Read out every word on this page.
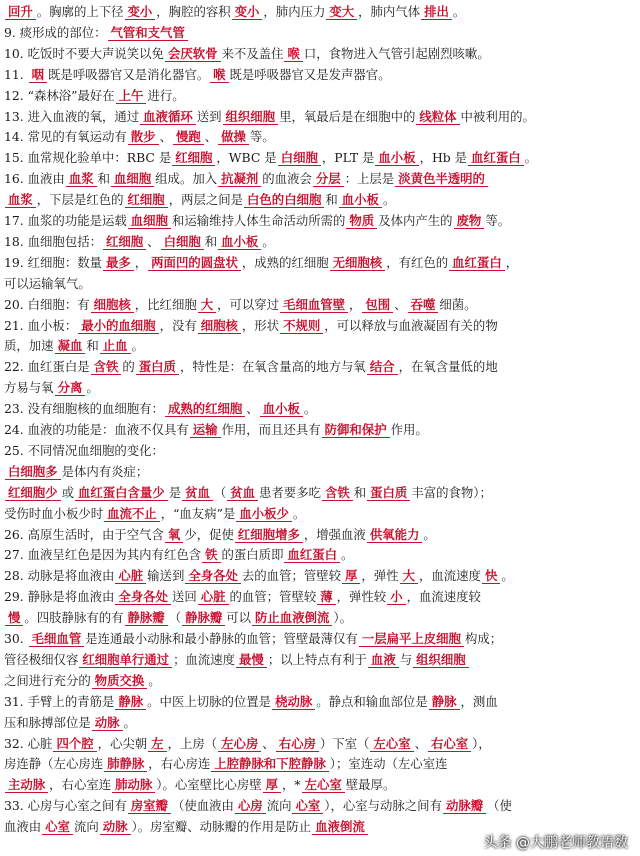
回升 。胸廓的上下径 变小 ，胸腔的容积 变小 ，肺内压力 变大 ，肺内气体 排出 。
9. 痰形成的部位： 气管和支气管
10. 吃饭时不要大声说笑以免 会厌软骨 来不及盖住 喉 口，食物进入气管引起剧烈咳嗽。
11. 咽 既是呼吸器官又是消化器官。 喉 既是呼吸器官又是发声器官。
12. “森林浴”最好在 上午 进行。
13. 进入血液的氧，通过 血液循环 送到 组织细胞 里，氧最后是在细胞中的 线粒体 中被利用的。
14. 常见的有氧运动有 散步 、 慢跑 、 做操 等。
15. 血常规化验单中：RBC 是 红细胞 ，WBC 是 白细胞 ，PLT 是 血小板 ，Hb 是 血红蛋白 。
16. 血液由 血浆 和 血细胞 组成。加入 抗凝剂 的血液会 分层 ：上层是 淡黄色半透明的
血浆 ，下层是红色的 红细胞 ，两层之间是 白色的白细胞 和 血小板 。
17. 血浆的功能是运载 血细胞 和运输维持人体生命活动所需的 物质 及体内产生的 废物 等。
18. 血细胞包括： 红细胞 、 白细胞 和 血小板 。
19. 红细胞：数量 最多 ， 两面凹的圆盘状 ，成熟的红细胞 无细胞核 ，有红色的 血红蛋白 ，
可以运输氧气。
20. 白细胞：有 细胞核 ，比红细胞 大 ，可以穿过 毛细血管壁 ， 包围 、 吞噬 细菌。
21. 血小板： 最小的血细胞 ，没有 细胞核 ，形状 不规则 ，可以释放与血液凝固有关的物
质，加速 凝血 和 止血 。
22. 血红蛋白是 含铁 的 蛋白质 ，特性是：在氧含量高的地方与氧 结合 ，在氧含量低的地
方易与氧 分离 。
23. 没有细胞核的血细胞有： 成熟的红细胞 、 血小板 。
24. 血液的功能是：血液不仅具有 运输 作用，而且还具有 防御和保护 作用。
25. 不同情况血细胞的变化：
白细胞多 是体内有炎症；
红细胞少 或 血红蛋白含量少 是 贫血 （ 贫血 患者要多吃 含铁 和 蛋白质 丰富的食物）；
受伤时血小板少时 血流不止 ，“血友病”是 血小板少 。
26. 高原生活时，由于空气含 氧 少，促使 红细胞增多 ，增强血液 供氧能力 。
27. 血液呈红色是因为其内有红色含 铁 的蛋白质即 血红蛋白 。
28. 动脉是将血液由 心脏 输送到 全身各处 去的血管；管壁较 厚 ，弹性 大 ，血流速度 快 。
29. 静脉是将血液由 全身各处 送回 心脏 的血管；管壁较 薄 ，弹性较 小 ，血流速度较
慢 。四肢静脉有的有 静脉瓣 （ 静脉瓣 可以 防止血液倒流 ）。
30. 毛细血管 是连通最小动脉和最小静脉的血管；管壁最薄仅有 一层扁平上皮细胞 构成；
管径极细仅容 红细胞单行通过 ；血流速度 最慢 ；以上特点有利于 血液 与 组织细胞
之间进行充分的 物质交换 。
31. 手臂上的青筋是 静脉 。中医上切脉的位置是 桡动脉 。静点和输血部位是 静脉 ，测血
压和脉搏部位是 动脉 。
32. 心脏 四个腔 ，心尖朝 左 ，上房（ 左心房 、 右心房 ）下室（ 左心室 、 右心室 ），
房连静（左心房连 肺静脉 ，右心房连 上腔静脉和下腔静脉 ）；室连动（左心室连
主动脉 ，右心室连 肺动脉 ）。心室壁比心房壁 厚 ，* 左心室 壁最厚。
33. 心房与心室之间有 房室瓣 （使血液由 心房 流向 心室 ），心室与动脉之间有 动脉瓣 （使
血液由 心室 流向 动脉 ）。房室瓣、动脉瓣的作用是防止 血液倒流
头条 @大鹏老师教语数
